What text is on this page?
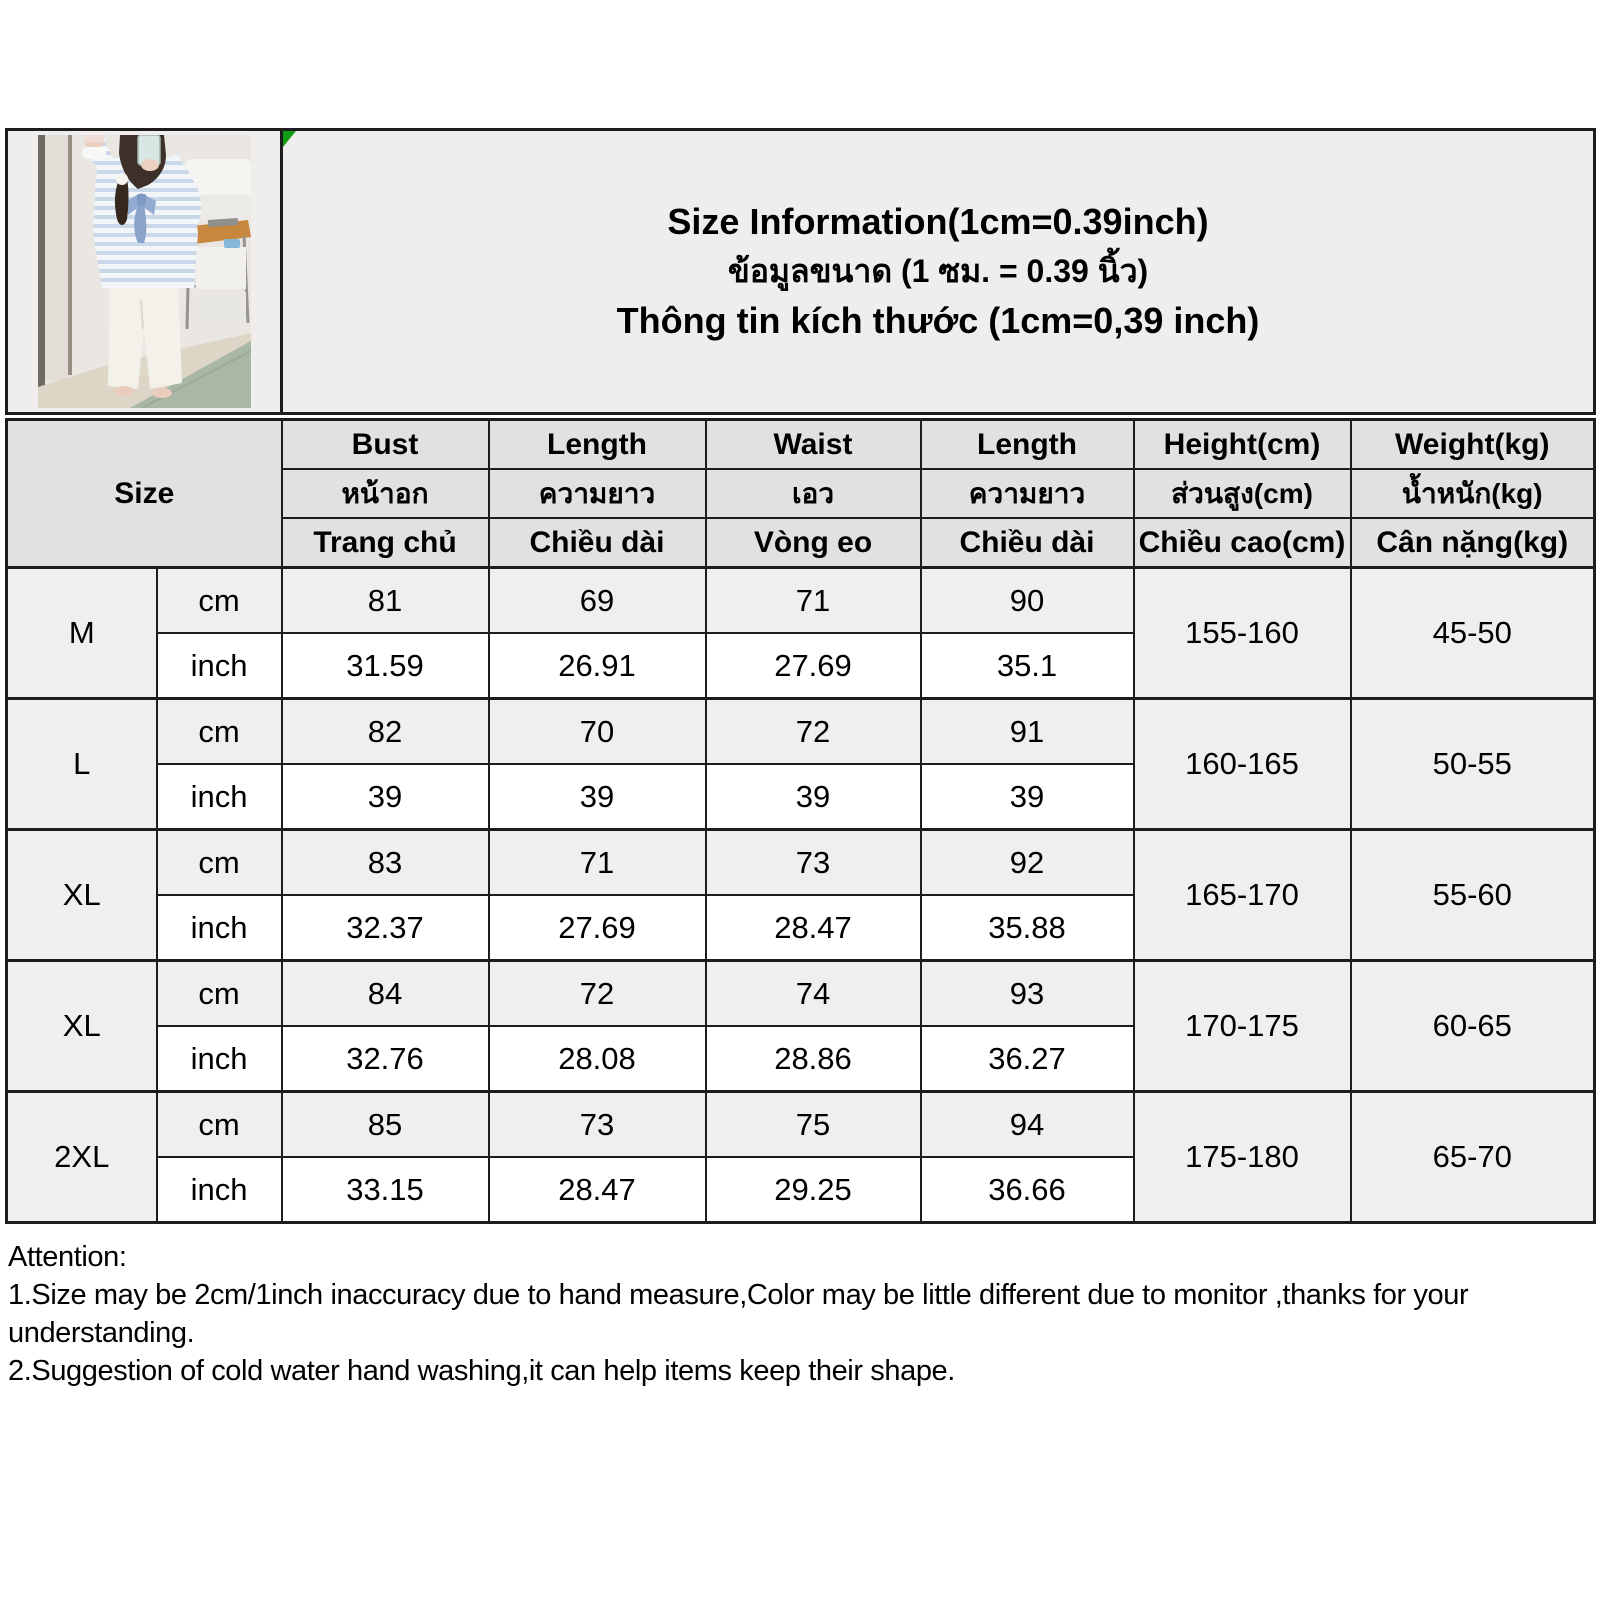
Size Information(1cm=0.39inch)
ข้อมูลขนาด (1 ซม. = 0.39 นิ้ว)
Thông tin kích thước (1cm=0,39 inch)
Size		Bust	Length	Waist	Length	Height(cm)	Weight(kg)
		หน้าอก	ความยาว	เอว	ความยาว	ส่วนสูง(cm)	น้ำหนัก(kg)
		Trang chủ	Chiều dài	Vòng eo	Chiều dài	Chiều cao(cm)	Cân nặng(kg)
M	cm	81	69	71	90	155-160	45-50
	inch	31.59	26.91	27.69	35.1		
L	cm	82	70	72	91	160-165	50-55
	inch	39	39	39	39		
XL	cm	83	71	73	92	165-170	55-60
	inch	32.37	27.69	28.47	35.88		
XL	cm	84	72	74	93	170-175	60-65
	inch	32.76	28.08	28.86	36.27		
2XL	cm	85	73	75	94	175-180	65-70
	inch	33.15	28.47	29.25	36.66		
Attention:
1.Size may be 2cm/1inch inaccuracy due to hand measure,Color may be little different due to monitor ,thanks for your understanding.
2.Suggestion of cold water hand washing,it can help items keep their shape.
